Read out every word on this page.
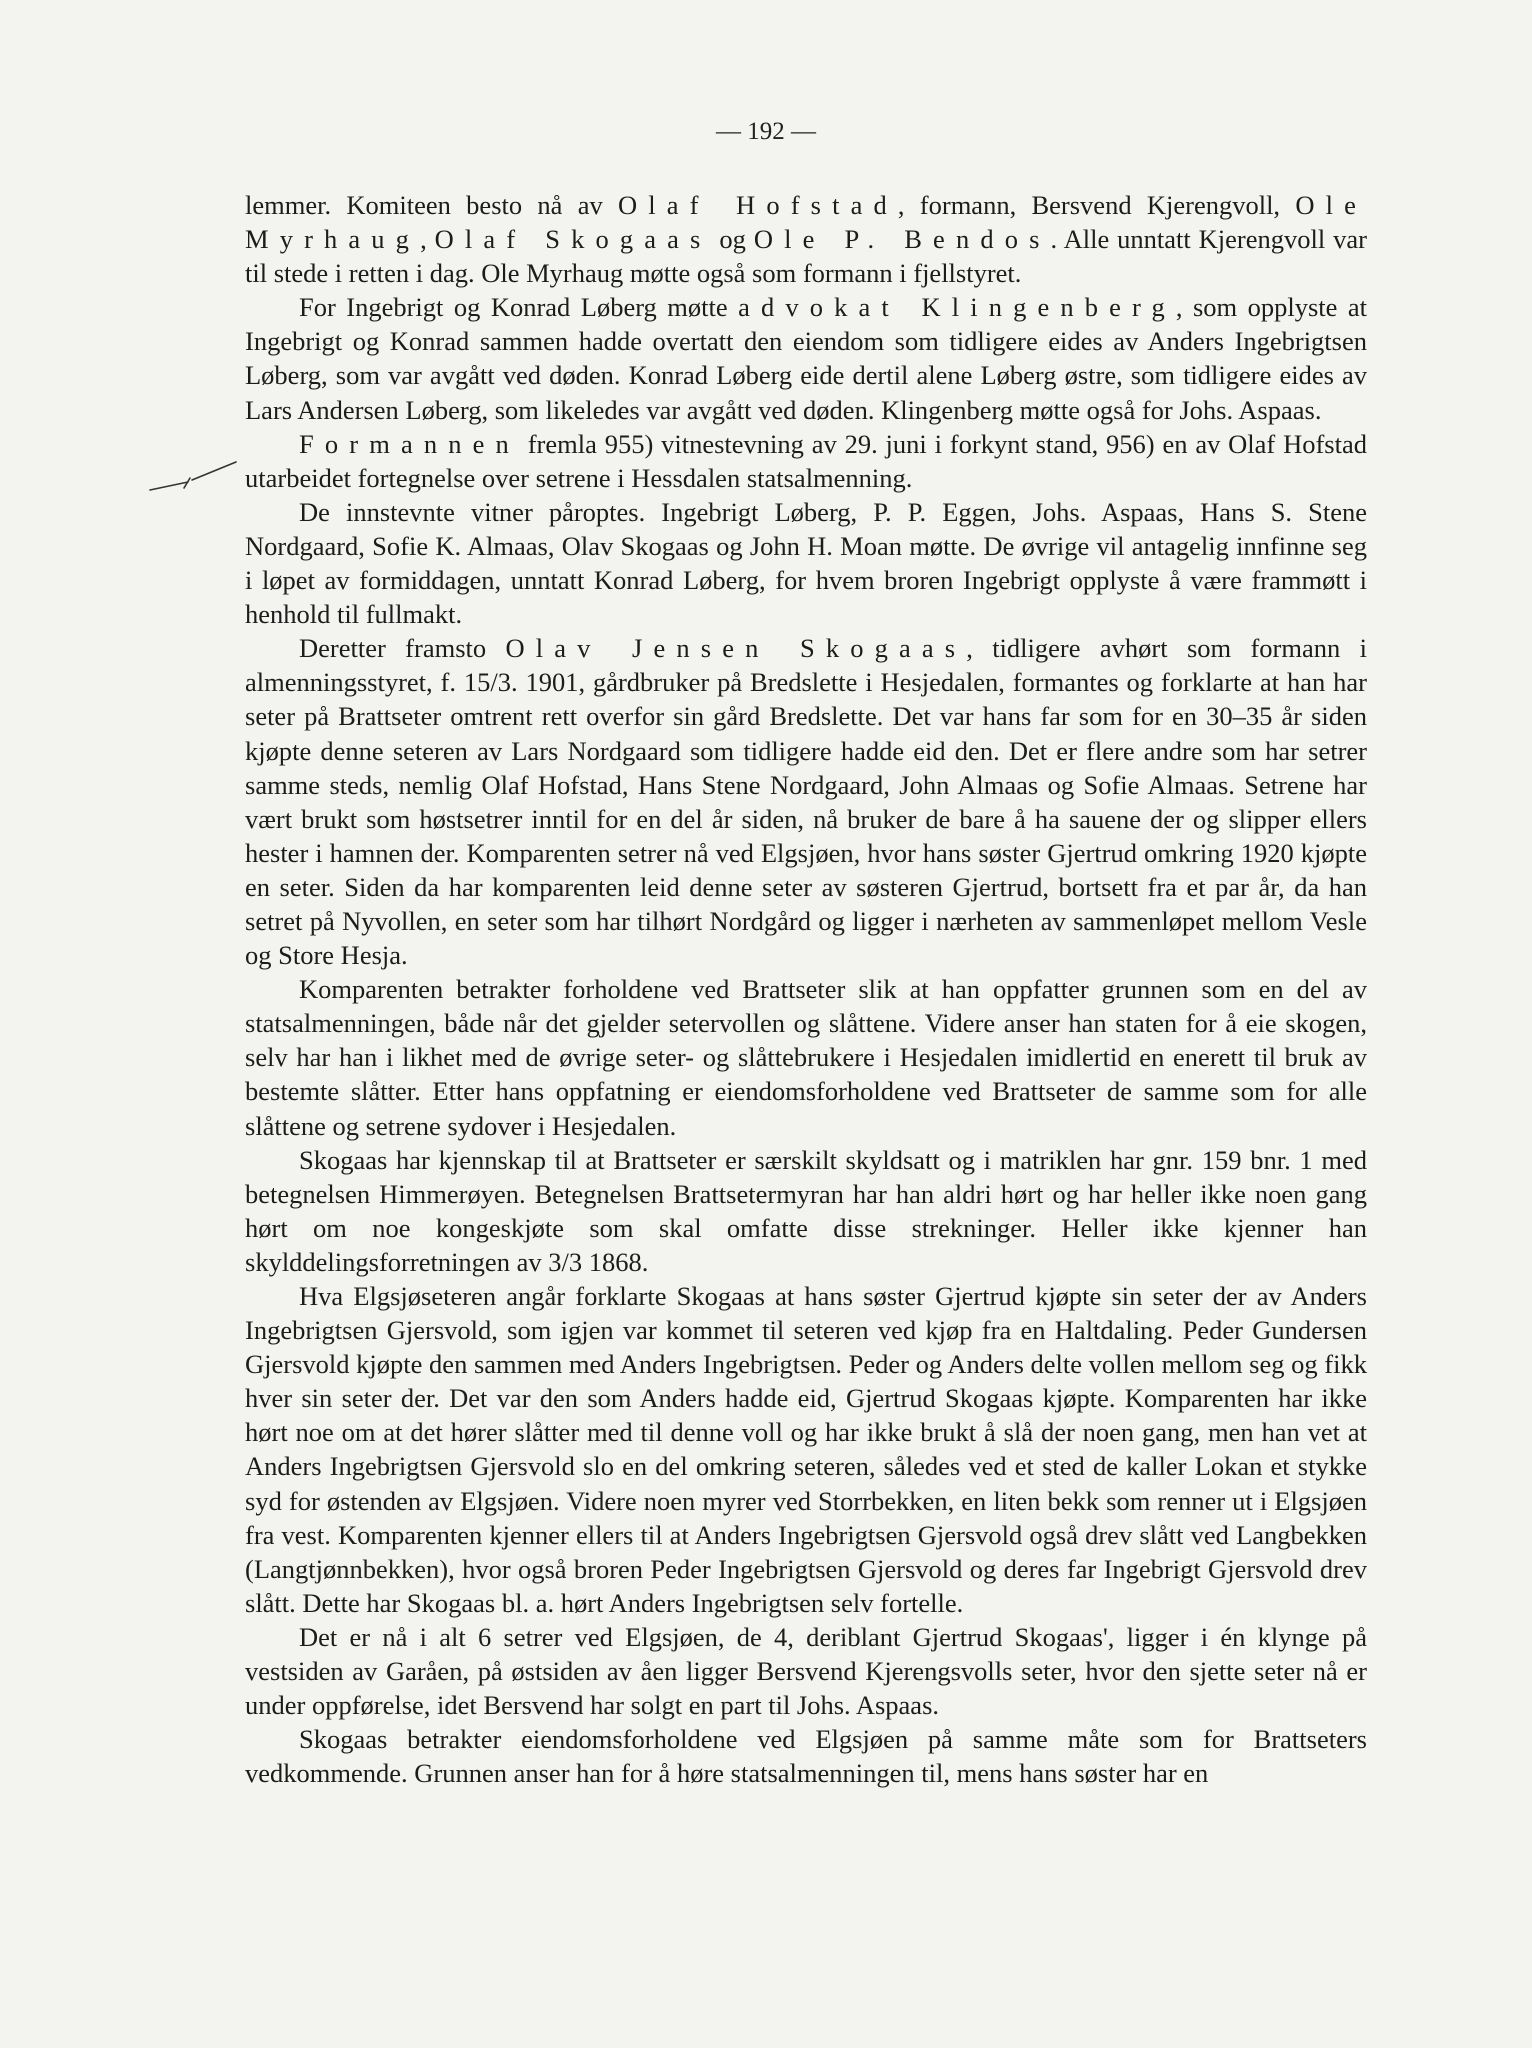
— 192 —

lemmer. Komiteen besto nå av Olaf Hofstad, formann, Bersvend Kjerengvoll, Ole Myrhaug, Olaf Skogaas og Ole P. Bendos. Alle unntatt Kjerengvoll var til stede i retten i dag. Ole Myrhaug møtte også som formann i fjellstyret.

For Ingebrigt og Konrad Løberg møtte advokat Klingenberg, som opplyste at Ingebrigt og Konrad sammen hadde overtatt den eiendom som tidligere eides av Anders Ingebrigtsen Løberg, som var avgått ved døden. Konrad Løberg eide dertil alene Løberg østre, som tidligere eides av Lars Andersen Løberg, som likeledes var avgått ved døden. Klingenberg møtte også for Johs. Aspaas.

Formannen fremla 955) vitnestevning av 29. juni i forkynt stand, 956) en av Olaf Hofstad utarbeidet fortegnelse over setrene i Hessdalen statsalmenning.

De innstevnte vitner påroptes. Ingebrigt Løberg, P. P. Eggen, Johs. Aspaas, Hans S. Stene Nordgaard, Sofie K. Almaas, Olav Skogaas og John H. Moan møtte. De øvrige vil antagelig innfinne seg i løpet av formiddagen, unntatt Konrad Løberg, for hvem broren Ingebrigt opplyste å være frammøtt i henhold til fullmakt.

Deretter framsto Olav Jensen Skogaas, tidligere avhørt som formann i almenningsstyret, f. 15/3. 1901, gårdbruker på Bredslette i Hesjedalen, formantes og forklarte at han har seter på Brattseter omtrent rett overfor sin gård Bredslette. Det var hans far som for en 30–35 år siden kjøpte denne seteren av Lars Nordgaard som tidligere hadde eid den. Det er flere andre som har setrer samme steds, nemlig Olaf Hofstad, Hans Stene Nordgaard, John Almaas og Sofie Almaas. Setrene har vært brukt som høstsetrer inntil for en del år siden, nå bruker de bare å ha sauene der og slipper ellers hester i hamnen der. Komparenten setrer nå ved Elgsjøen, hvor hans søster Gjertrud omkring 1920 kjøpte en seter. Siden da har komparenten leid denne seter av søsteren Gjertrud, bortsett fra et par år, da han setret på Nyvollen, en seter som har tilhørt Nordgård og ligger i nærheten av sammenløpet mellom Vesle og Store Hesja.

Komparenten betrakter forholdene ved Brattseter slik at han oppfatter grunnen som en del av statsalmenningen, både når det gjelder setervollen og slåttene. Videre anser han staten for å eie skogen, selv har han i likhet med de øvrige seter- og slåttebrukere i Hesjedalen imidlertid en enerett til bruk av bestemte slåtter. Etter hans oppfatning er eiendomsforholdene ved Brattseter de samme som for alle slåttene og setrene sydover i Hesjedalen.

Skogaas har kjennskap til at Brattseter er særskilt skyldsatt og i matriklen har gnr. 159 bnr. 1 med betegnelsen Himmerøyen. Betegnelsen Brattsetermyran har han aldri hørt og har heller ikke noen gang hørt om noe kongeskjøte som skal omfatte disse strekninger. Heller ikke kjenner han skylddelingsforretningen av 3/3 1868.

Hva Elgsjøseteren angår forklarte Skogaas at hans søster Gjertrud kjøpte sin seter der av Anders Ingebrigtsen Gjersvold, som igjen var kommet til seteren ved kjøp fra en Haltdaling. Peder Gundersen Gjersvold kjøpte den sammen med Anders Ingebrigtsen. Peder og Anders delte vollen mellom seg og fikk hver sin seter der. Det var den som Anders hadde eid, Gjertrud Skogaas kjøpte. Komparenten har ikke hørt noe om at det hører slåtter med til denne voll og har ikke brukt å slå der noen gang, men han vet at Anders Ingebrigtsen Gjersvold slo en del omkring seteren, således ved et sted de kaller Lokan et stykke syd for østenden av Elgsjøen. Videre noen myrer ved Storrbekken, en liten bekk som renner ut i Elgsjøen fra vest. Komparenten kjenner ellers til at Anders Ingebrigtsen Gjersvold også drev slått ved Langbekken (Langtjønnbekken), hvor også broren Peder Ingebrigtsen Gjersvold og deres far Ingebrigt Gjersvold drev slått. Dette har Skogaas bl. a. hørt Anders Ingebrigtsen selv fortelle.

Det er nå i alt 6 setrer ved Elgsjøen, de 4, deriblant Gjertrud Skogaas', ligger i én klynge på vestsiden av Garåen, på østsiden av åen ligger Bersvend Kjerengsvolls seter, hvor den sjette seter nå er under oppførelse, idet Bersvend har solgt en part til Johs. Aspaas.

Skogaas betrakter eiendomsforholdene ved Elgsjøen på samme måte som for Brattseters vedkommende. Grunnen anser han for å høre statsalmenningen til, mens hans søster har en
